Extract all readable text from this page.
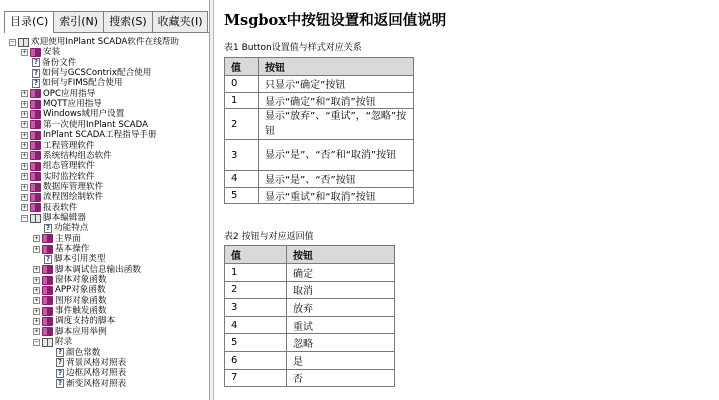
目录(C)	索引(N)	搜索(S)	收藏夹(I)
− 欢迎使用InPlant SCADA软件在线帮助
+ 安装
?
备份文件
?
如何与GCSContrix配合使用
?
如何与FIMS配合使用
+ OPC应用指导
+ MQTT应用指导
+ Windows域用户设置
+ 第一次使用InPlant SCADA
+ InPlant SCADA工程指导手册
+ 工程管理软件
+ 系统结构组态软件
+ 组态管理软件
+ 实时监控软件
+ 数据库管理软件
+ 流程图绘制软件
+ 报表软件
− 脚本编辑器
?
功能特点
+ 主界面
+ 基本操作
?
脚本引用类型
+ 脚本调试信息输出函数
+ 窗体对象函数
+ APP对象函数
+ 图形对象函数
+ 事件触发函数
+ 调度支持的脚本
+ 脚本应用举例
− 附录
?
颜色常数
?
背景风格对照表
?
边框风格对照表
?
渐变风格对照表
Msgbox中按钮设置和返回值说明
表1 Button设置值与样式对应关系
值	按钮
0	只显示“确定”按钮
1	显示“确定”和“取消”按钮
2	显示“放弃”、“重试”，“忽略”按钮
3	显示“是”、“否”和“取消”按钮
4	显示“是”、“否”按钮
5	显示“重试”和“取消”按钮
表2 按钮与对应返回值
值	按钮
1	确定
2	取消
3	放弃
4	重试
5	忽略
6	是
7	否
